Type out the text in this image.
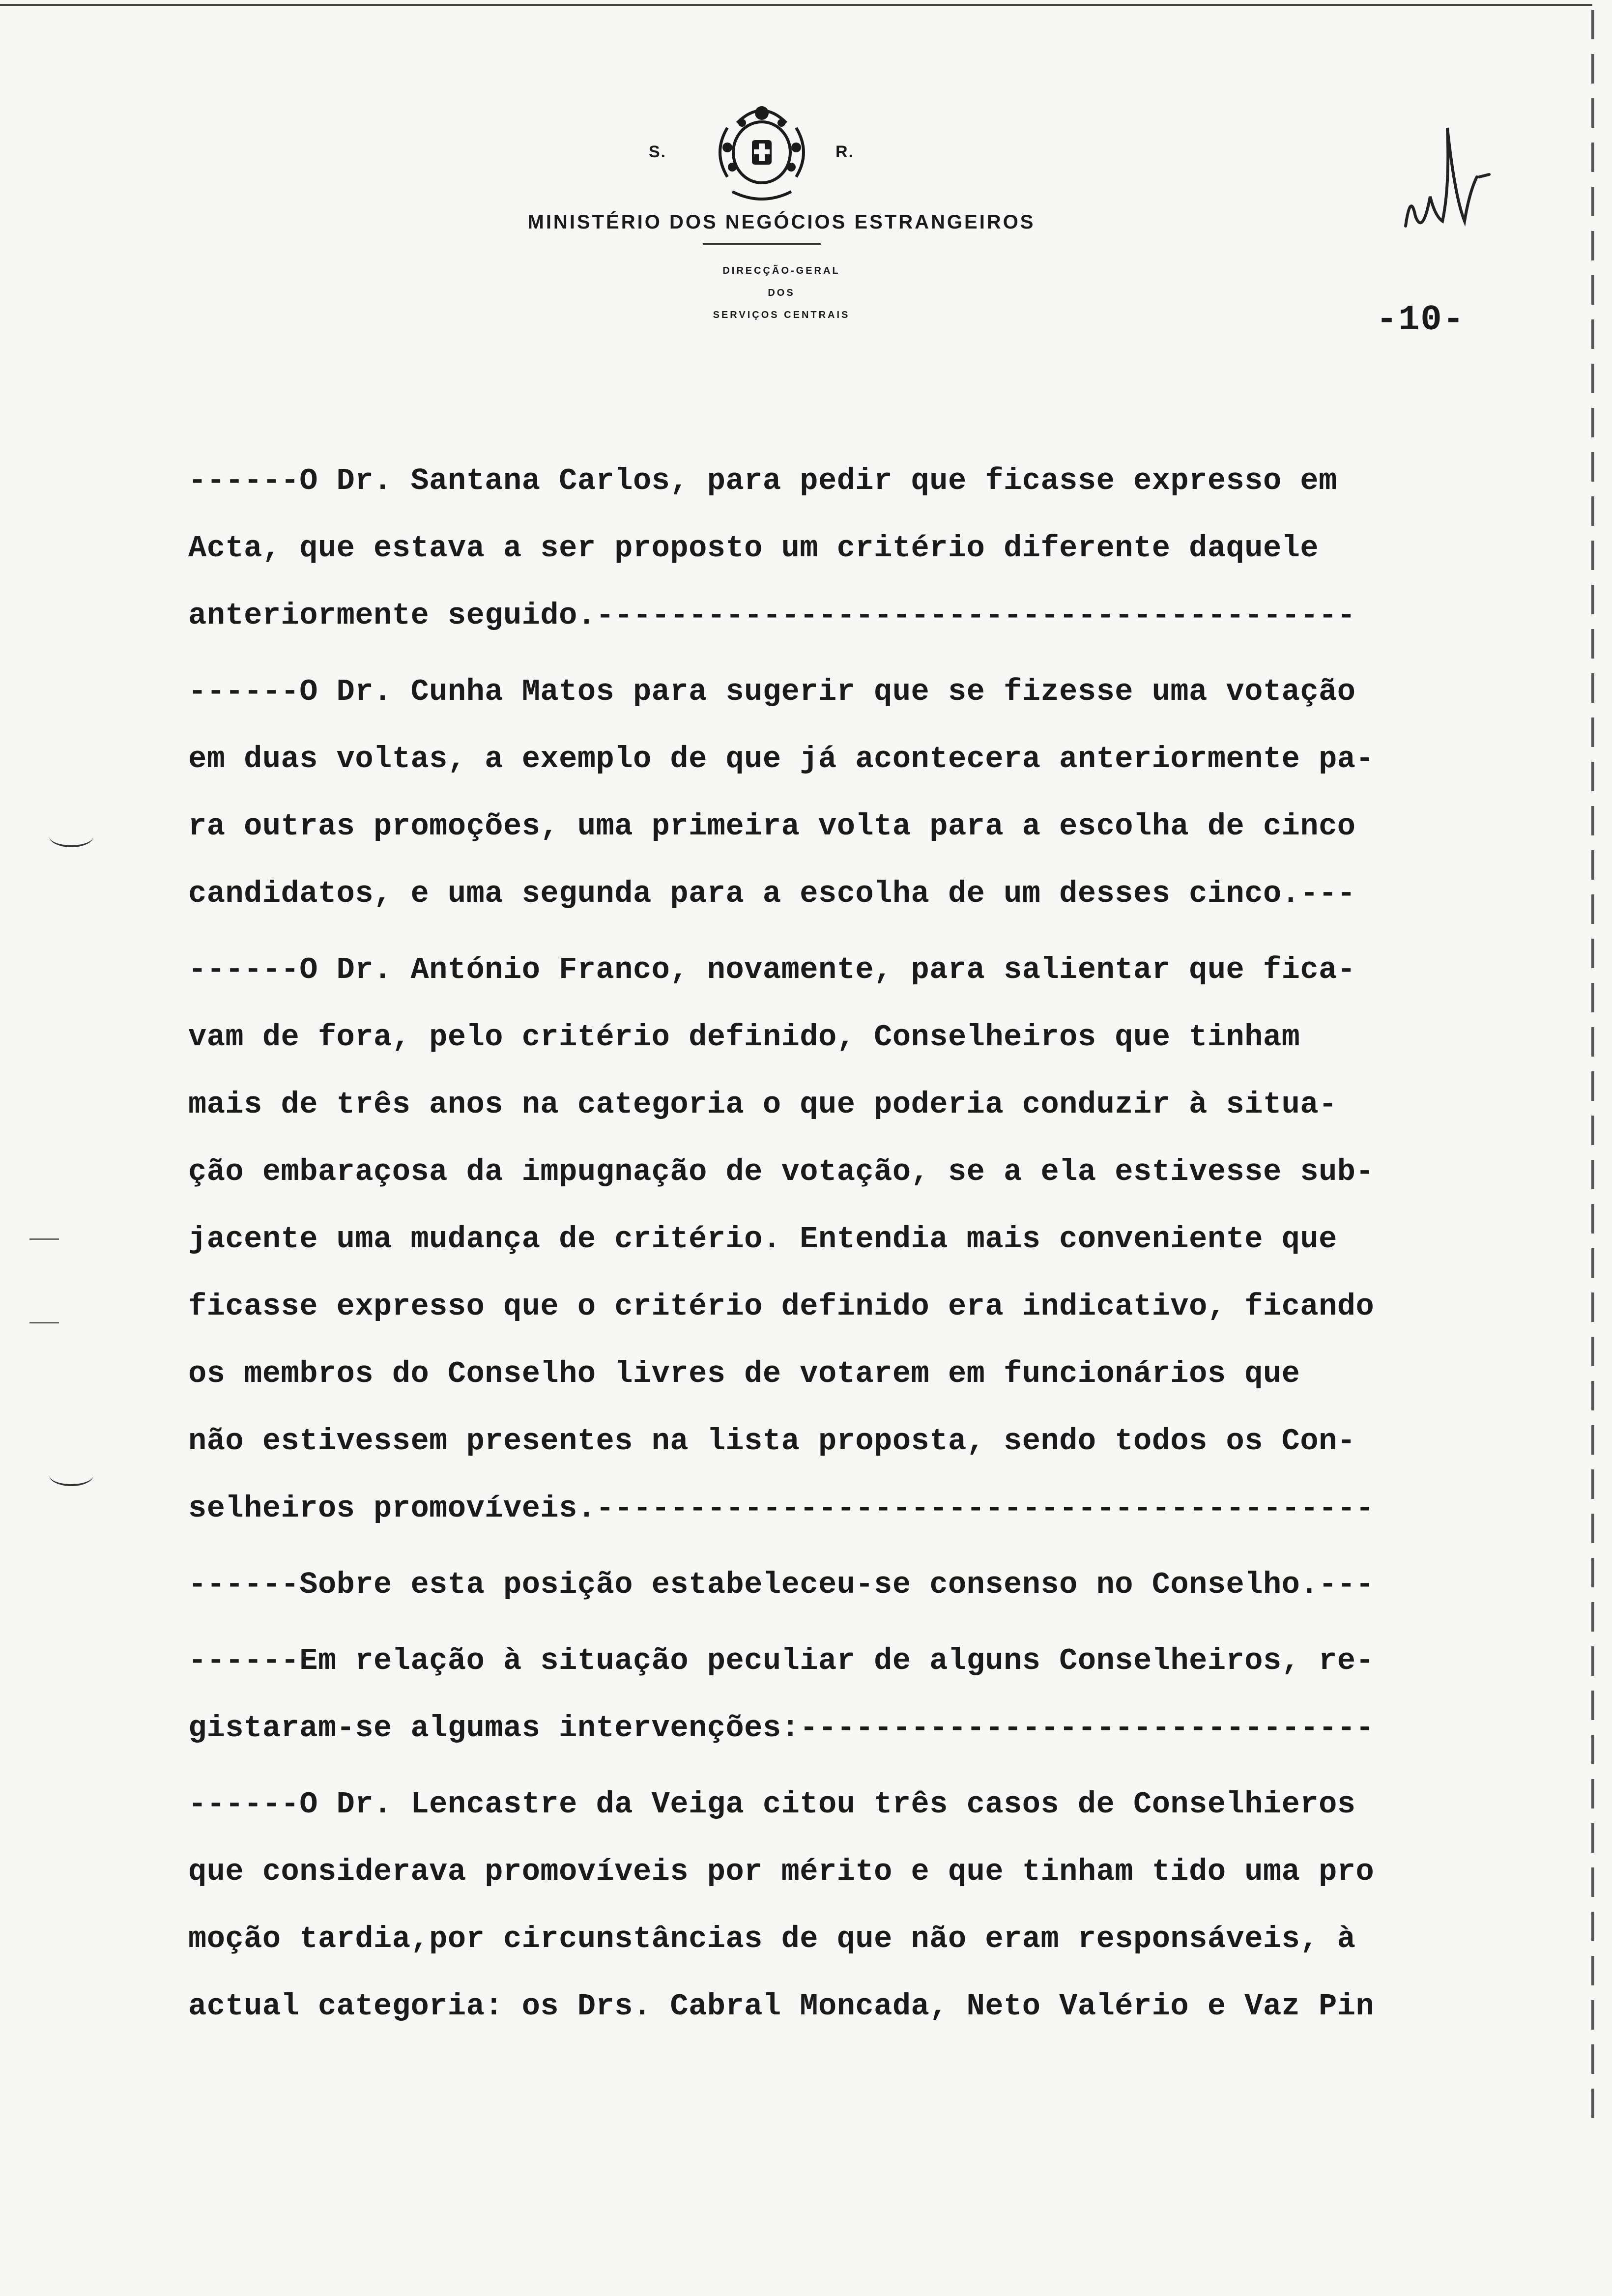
S.	R.
MINISTÉRIO DOS NEGÓCIOS ESTRANGEIROS
DIRECÇÃO-GERAL
DOS
SERVIÇOS CENTRAIS	-10-
------O Dr. Santana Carlos, para pedir que ficasse expresso em
Acta, que estava a ser proposto um critério diferente daquele
anteriormente seguido.-----------------------------------------
------O Dr. Cunha Matos para sugerir que se fizesse uma votação
em duas voltas, a exemplo de que já acontecera anteriormente pa-
ra outras promoções, uma primeira volta para a escolha de cinco
candidatos, e uma segunda para a escolha de um desses cinco.---
------O Dr. António Franco, novamente, para salientar que fica-
vam de fora, pelo critério definido, Conselheiros que tinham
mais de três anos na categoria o que poderia conduzir à situa-
ção embaraçosa da impugnação de votação, se a ela estivesse sub-
jacente uma mudança de critério. Entendia mais conveniente que
ficasse expresso que o critério definido era indicativo, ficando
os membros do Conselho livres de votarem em funcionários que
não estivessem presentes na lista proposta, sendo todos os Con-
selheiros promovíveis.------------------------------------------
------Sobre esta posição estabeleceu-se consenso no Conselho.---
------Em relação à situação peculiar de alguns Conselheiros, re-
gistaram-se algumas intervenções:-------------------------------
------O Dr. Lencastre da Veiga citou três casos de Conselhieros
que considerava promovíveis por mérito e que tinham tido uma pro
moção tardia,por circunstâncias de que não eram responsáveis, à
actual categoria: os Drs. Cabral Moncada, Neto Valério e Vaz Pin
